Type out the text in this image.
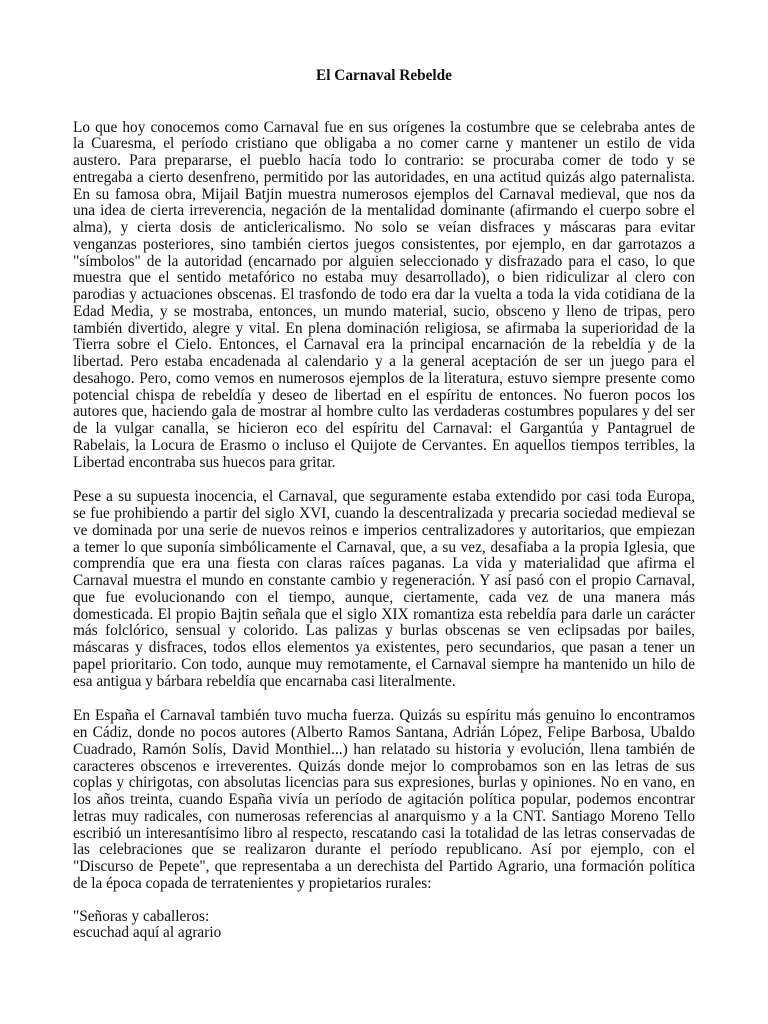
El Carnaval Rebelde
Lo que hoy conocemos como Carnaval fue en sus orígenes la costumbre que se celebraba antes de
la Cuaresma, el período cristiano que obligaba a no comer carne y mantener un estilo de vida
austero. Para prepararse, el pueblo hacía todo lo contrario: se procuraba comer de todo y se
entregaba a cierto desenfreno, permitido por las autoridades, en una actitud quizás algo paternalista.
En su famosa obra, Mijail Batjin muestra numerosos ejemplos del Carnaval medieval, que nos da
una idea de cierta irreverencia, negación de la mentalidad dominante (afirmando el cuerpo sobre el
alma), y cierta dosis de anticlericalismo. No solo se veían disfraces y máscaras para evitar
venganzas posteriores, sino también ciertos juegos consistentes, por ejemplo, en dar garrotazos a
"símbolos" de la autoridad (encarnado por alguien seleccionado y disfrazado para el caso, lo que
muestra que el sentido metafórico no estaba muy desarrollado), o bien ridiculizar al clero con
parodias y actuaciones obscenas. El trasfondo de todo era dar la vuelta a toda la vida cotidiana de la
Edad Media, y se mostraba, entonces, un mundo material, sucio, obsceno y lleno de tripas, pero
también divertido, alegre y vital. En plena dominación religiosa, se afirmaba la superioridad de la
Tierra sobre el Cielo. Entonces, el Carnaval era la principal encarnación de la rebeldía y de la
libertad. Pero estaba encadenada al calendario y a la general aceptación de ser un juego para el
desahogo. Pero, como vemos en numerosos ejemplos de la literatura, estuvo siempre presente como
potencial chispa de rebeldía y deseo de libertad en el espíritu de entonces. No fueron pocos los
autores que, haciendo gala de mostrar al hombre culto las verdaderas costumbres populares y del ser
de la vulgar canalla, se hicieron eco del espíritu del Carnaval: el Gargantúa y Pantagruel de
Rabelais, la Locura de Erasmo o incluso el Quijote de Cervantes. En aquellos tiempos terribles, la
Libertad encontraba sus huecos para gritar.
Pese a su supuesta inocencia, el Carnaval, que seguramente estaba extendido por casi toda Europa,
se fue prohibiendo a partir del siglo XVI, cuando la descentralizada y precaria sociedad medieval se
ve dominada por una serie de nuevos reinos e imperios centralizadores y autoritarios, que empiezan
a temer lo que suponía simbólicamente el Carnaval, que, a su vez, desafiaba a la propia Iglesia, que
comprendía que era una fiesta con claras raíces paganas. La vida y materialidad que afirma el
Carnaval muestra el mundo en constante cambio y regeneración. Y así pasó con el propio Carnaval,
que fue evolucionando con el tiempo, aunque, ciertamente, cada vez de una manera más
domesticada. El propio Bajtin señala que el siglo XIX romantiza esta rebeldía para darle un carácter
más folclórico, sensual y colorido. Las palizas y burlas obscenas se ven eclipsadas por bailes,
máscaras y disfraces, todos ellos elementos ya existentes, pero secundarios, que pasan a tener un
papel prioritario. Con todo, aunque muy remotamente, el Carnaval siempre ha mantenido un hilo de
esa antigua y bárbara rebeldía que encarnaba casi literalmente.
En España el Carnaval también tuvo mucha fuerza. Quizás su espíritu más genuino lo encontramos
en Cádiz, donde no pocos autores (Alberto Ramos Santana, Adrián López, Felipe Barbosa, Ubaldo
Cuadrado, Ramón Solís, David Monthiel...) han relatado su historia y evolución, llena también de
caracteres obscenos e irreverentes. Quizás donde mejor lo comprobamos son en las letras de sus
coplas y chirigotas, con absolutas licencias para sus expresiones, burlas y opiniones. No en vano, en
los años treinta, cuando España vivía un período de agitación política popular, podemos encontrar
letras muy radicales, con numerosas referencias al anarquismo y a la CNT. Santiago Moreno Tello
escribió un interesantísimo libro al respecto, rescatando casi la totalidad de las letras conservadas de
las celebraciones que se realizaron durante el período republicano. Así por ejemplo, con el
"Discurso de Pepete", que representaba a un derechista del Partido Agrario, una formación política
de la época copada de terratenientes y propietarios rurales:
"Señoras y caballeros:
escuchad aquí al agrario
